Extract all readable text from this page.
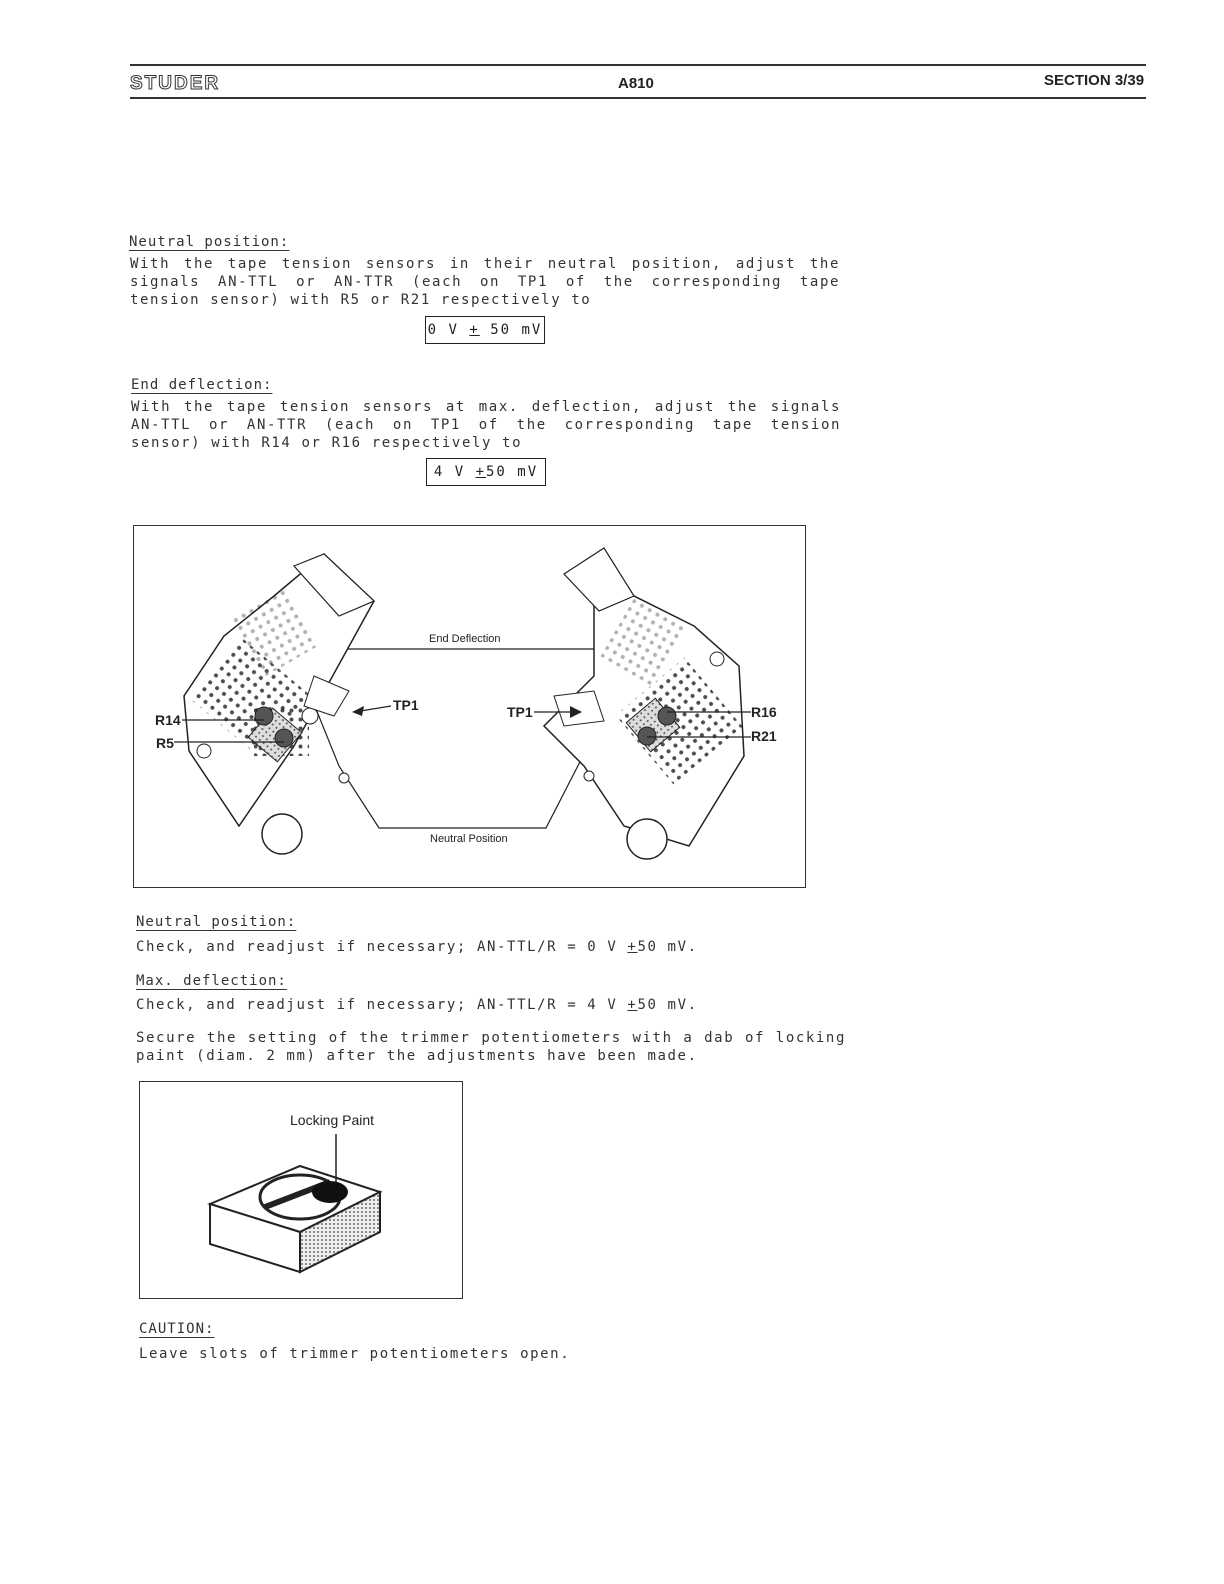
STUDER	A810	SECTION 3/39
Neutral position:

With the tape tension sensors in their neutral position, adjust the signals AN-TTL or AN-TTR (each on TP1 of the corresponding tape tension sensor) with R5 or R21 respectively to

0 V + 50 mV
End deflection:

With the tape tension sensors at max. deflection, adjust the signals AN-TTL or AN-TTR (each on TP1 of the corresponding tape tension sensor) with R14 or R16 respectively to

4 V +50 mV
End Deflection
Neutral Position
R14
R5
TP1	TP1	R16
R21
Neutral position:
Check, and readjust if necessary; AN-TTL/R = 0 V +50 mV.
Max. deflection:
Check, and readjust if necessary; AN-TTL/R = 4 V +50 mV.

Secure the setting of the trimmer potentiometers with a dab of locking paint (diam. 2 mm) after the adjustments have been made.

Locking Paint
CAUTION:
Leave slots of trimmer potentiometers open.
